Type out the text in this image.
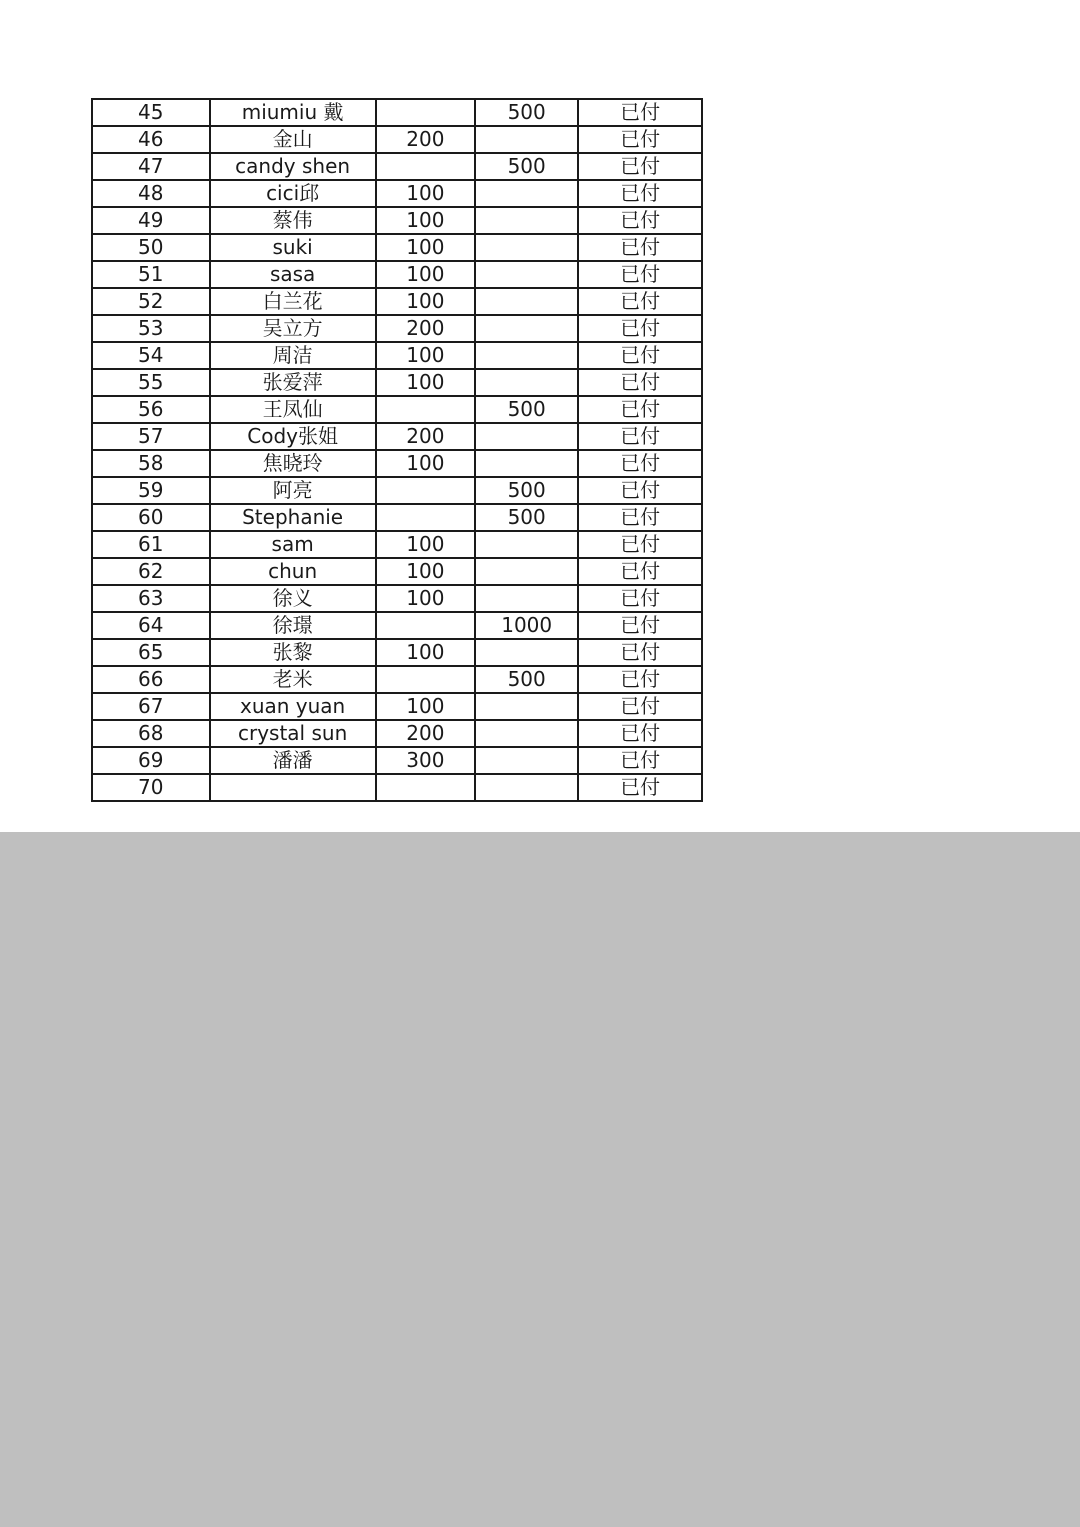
45	miumiu 戴		500	已付
46	金山	200		已付
47	candy shen		500	已付
48	cici邱	100		已付
49	蔡伟	100		已付
50	suki	100		已付
51	sasa	100		已付
52	白兰花	100		已付
53	吴立方	200		已付
54	周洁	100		已付
55	张爱萍	100		已付
56	王凤仙		500	已付
57	Cody张姐	200		已付
58	焦晓玲	100		已付
59	阿亮		500	已付
60	Stephanie		500	已付
61	sam	100		已付
62	chun	100		已付
63	徐义	100		已付
64	徐璟		1000	已付
65	张黎	100		已付
66	老米		500	已付
67	xuan yuan	100		已付
68	crystal sun	200		已付
69	潘潘	300		已付
70				已付
